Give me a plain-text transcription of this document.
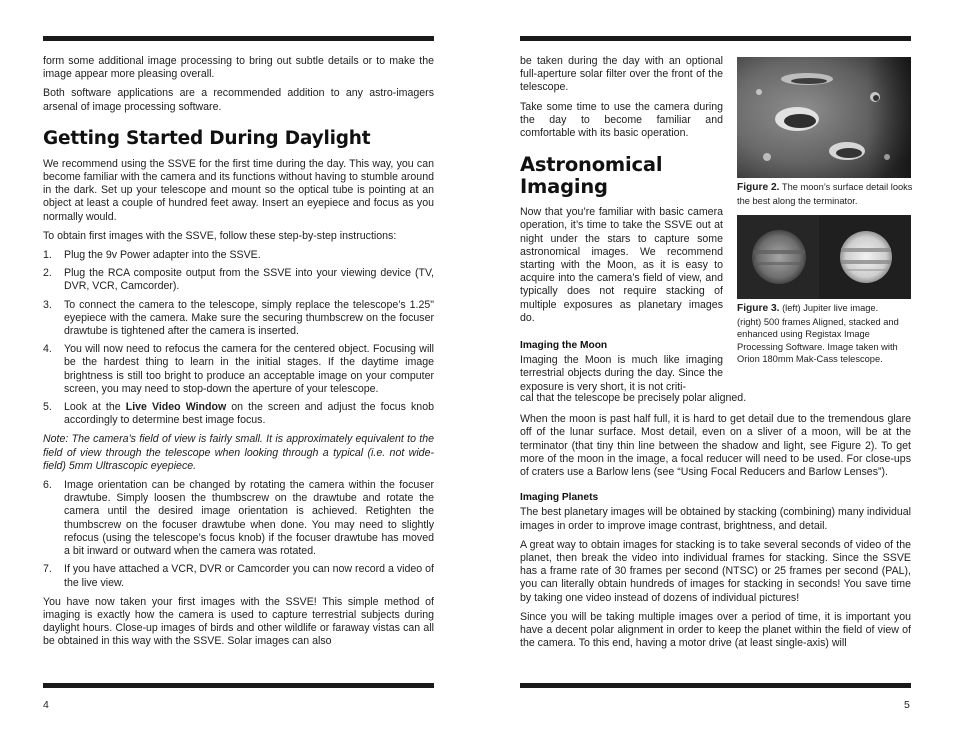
form some additional image processing to bring out subtle details or to make the image appear more pleasing overall.

Both software applications are a recommended addition to any astro-imagers arsenal of image processing software.

Getting Started During Daylight

We recommend using the SSVE for the first time during the day. This way, you can become familiar with the camera and its functions without having to stumble around in the dark. Set up your telescope and mount so the optical tube is pointing at an object at least a couple of hundred feet away. Insert an eyepiece and focus as you normally would.

To obtain first images with the SSVE, follow these step-by-step instructions:

1. Plug the 9v Power adapter into the SSVE.
2. Plug the RCA composite output from the SSVE into your viewing device (TV, DVR, VCR, Camcorder).
3. To connect the camera to the telescope, simply replace the telescope’s 1.25" eyepiece with the camera. Make sure the securing thumbscrew on the focuser drawtube is tightened after the camera is inserted.
4. You will now need to refocus the camera for the centered object. Focusing will be the hardest thing to learn in the initial stages. If the daytime image brightness is still too bright to produce an acceptable image on your computer screen, you may need to stop-down the aperture of your telescope.
5. Look at the Live Video Window on the screen and adjust the focus knob accordingly to determine best image focus.

Note: The camera’s field of view is fairly small. It is approximately equivalent to the field of view through the telescope when looking through a typical (i.e. not wide-field) 5mm Ultrascopic eyepiece.

6. Image orientation can be changed by rotating the camera within the focuser drawtube. Simply loosen the thumbscrew on the drawtube and rotate the camera until the desired image orientation is achieved. Retighten the thumbscrew on the focuser drawtube when done. You may need to slightly refocus (using the telescope’s focus knob) if the focuser drawtube has moved a bit inward or outward when the camera was rotated.
7. If you have attached a VCR, DVR or Camcorder you can now record a video of the live view.

You have now taken your first images with the SSVE! This simple method of imaging is exactly how the camera is used to capture terrestrial subjects during daylight hours. Close-up images of birds and other wildlife or faraway vistas can all be obtained in this way with the SSVE. Solar images can also

4

be taken during the day with an optional full-aperture solar filter over the front of the telescope.

Take some time to use the camera during the day to become familiar and comfortable with its basic operation.

Astronomical
Imaging

Now that you’re familiar with basic camera operation, it’s time to take the SSVE out at night under the stars to capture some astronomical images. We recommend starting with the Moon, as it is easy to acquire into the camera’s field of view, and typically does not require stacking of multiple exposures as planetary images do.

Imaging the Moon

Imaging the Moon is much like imaging terrestrial objects during the day. Since the exposure is very short, it is not criti-

Figure 2. The moon’s surface detail looks the best along the terminator.
Figure 3. (left) Jupiter live image. (right) 500 frames Aligned, stacked and enhanced using Registax Image Processing Software. Image taken with Orion 180mm Mak-Cass telescope.

cal that the telescope be precisely polar aligned.

When the moon is past half full, it is hard to get detail due to the tremendous glare off of the lunar surface. Most detail, even on a sliver of a moon, will be at the terminator (that tiny thin line between the shadow and light, see Figure 2). To get more of the moon in the image, a focal reducer will need to be used. For close-ups of craters use a Barlow lens (see “Using Focal Reducers and Barlow Lenses”).

Imaging Planets

The best planetary images will be obtained by stacking (combining) many individual images in order to improve image contrast, brightness, and detail.

A great way to obtain images for stacking is to take several seconds of video of the planet, then break the video into individual frames for stacking. Since the SSVE has a frame rate of 30 frames per second (NTSC) or 25 frames per second (PAL), you can literally obtain hundreds of images for stacking in seconds! You save time by taking one video instead of dozens of individual pictures!

Since you will be taking multiple images over a period of time, it is important you have a decent polar alignment in order to keep the planet within the field of view of the camera. To this end, having a motor drive (at least single-axis) will

5
